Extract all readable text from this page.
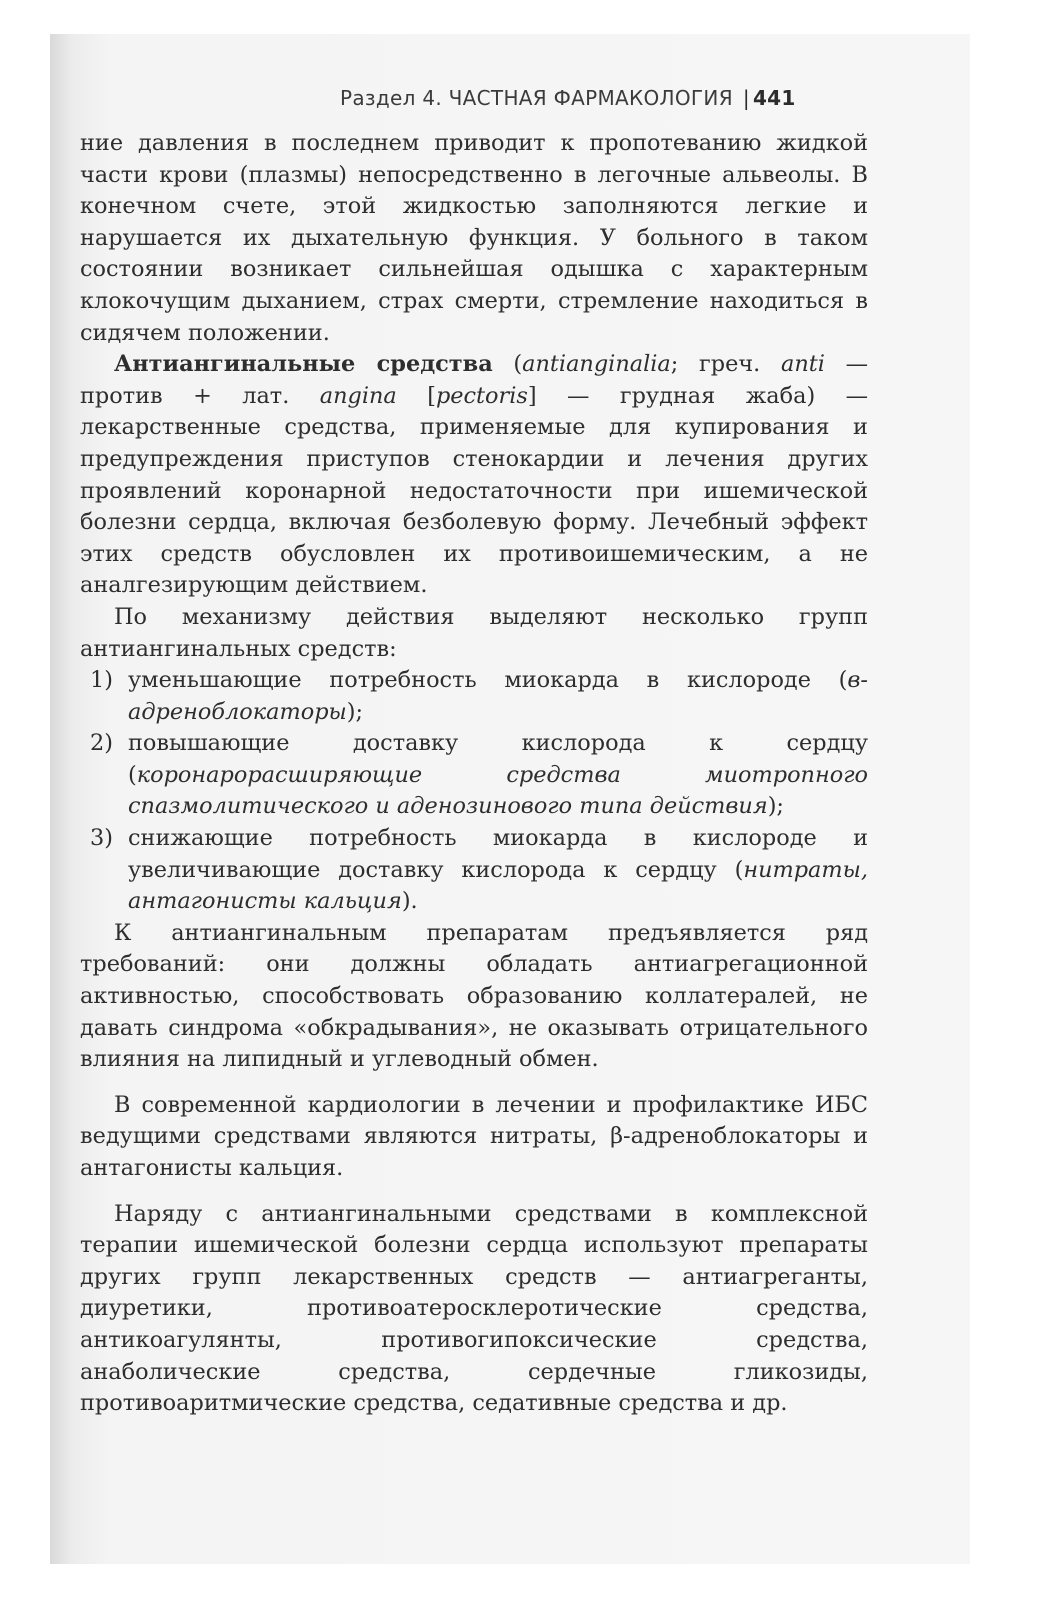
Раздел 4. ЧАСТНАЯ ФАРМАКОЛОГИЯ | 441

ние давления в последнем приводит к пропотеванию жидкой части крови (плазмы) непосредственно в легочные альвеолы. В конечном счете, этой жидкостью заполняются легкие и нарушается их дыхательную функция. У больного в таком состоянии возникает сильнейшая одышка с характерным клокочущим дыханием, страх смерти, стремление находиться в сидячем положении.

Антиангинальные средства (antianginalia; греч. anti — против + лат. angina [pectoris] — грудная жаба) — лекарственные средства, применяемые для купирования и предупреждения приступов стенокардии и лечения других проявлений коронарной недостаточности при ишемической болезни сердца, включая безболевую форму. Лечебный эффект этих средств обусловлен их противоишемическим, а не аналгезирующим действием.

По механизму действия выделяют несколько групп антиангинальных средств:

1) уменьшающие потребность миокарда в кислороде (в-адреноблокаторы);
2) повышающие доставку кислорода к сердцу (коронарорасширяющие средства миотропного спазмолитического и аденозинового типа действия);
3) снижающие потребность миокарда в кислороде и увеличивающие доставку кислорода к сердцу (нитраты, антагонисты кальция).

К антиангинальным препаратам предъявляется ряд требований: они должны обладать антиагрегационной активностью, способствовать образованию коллатералей, не давать синдрома «обкрадывания», не оказывать отрицательного влияния на липидный и углеводный обмен.

В современной кардиологии в лечении и профилактике ИБС ведущими средствами являются нитраты, β-адреноблокаторы и антагонисты кальция.

Наряду с антиангинальными средствами в комплексной терапии ишемической болезни сердца используют препараты других групп лекарственных средств — антиагреганты, диуретики, противоатеросклеротические средства, антикоагулянты, противогипоксические средства, анаболические средства, сердечные гликозиды, противоаритмические средства, седативные средства и др.
